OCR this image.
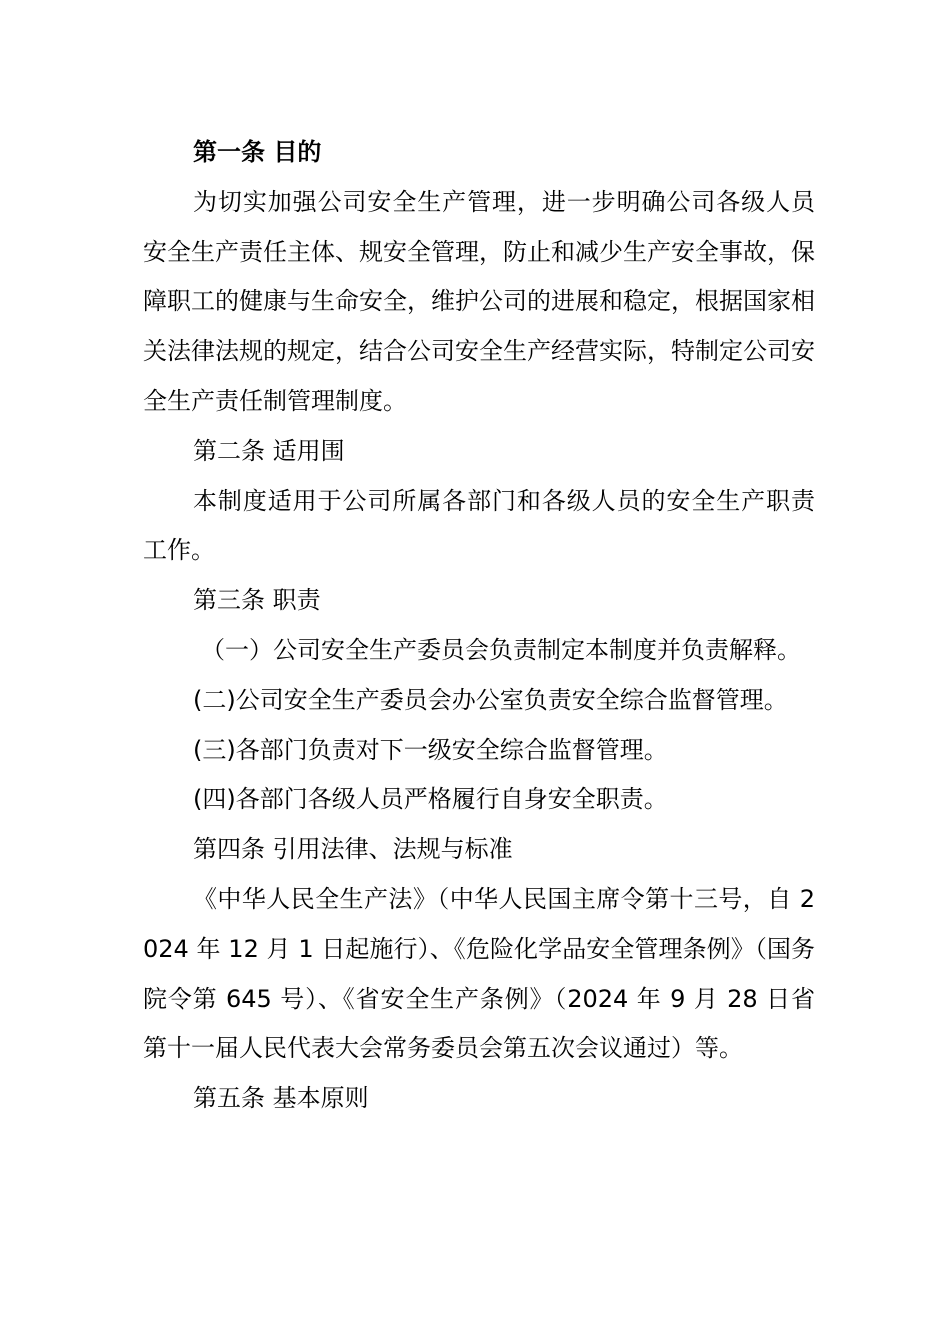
第一条 目的

为切实加强公司安全生产管理，进一步明确公司各级人员安全生产责任主体、规安全管理，防止和减少生产安全事故，保障职工的健康与生命安全，维护公司的进展和稳定，根据国家相关法律法规的规定，结合公司安全生产经营实际，特制定公司安全生产责任制管理制度。

第二条 适用围

本制度适用于公司所属各部门和各级人员的安全生产职责工作。

第三条 职责

（一）公司安全生产委员会负责制定本制度并负责解释。

(二)公司安全生产委员会办公室负责安全综合监督管理。

(三)各部门负责对下一级安全综合监督管理。

(四)各部门各级人员严格履行自身安全职责。

第四条 引用法律、法规与标准

《中华人民全生产法》（中华人民国主席令第十三号，自 2024 年 12 月 1 日起施行）、《危险化学品安全管理条例》（国务院令第 645 号）、《省安全生产条例》（2024 年 9 月 28 日省第十一届人民代表大会常务委员会第五次会议通过）等。

第五条 基本原则
